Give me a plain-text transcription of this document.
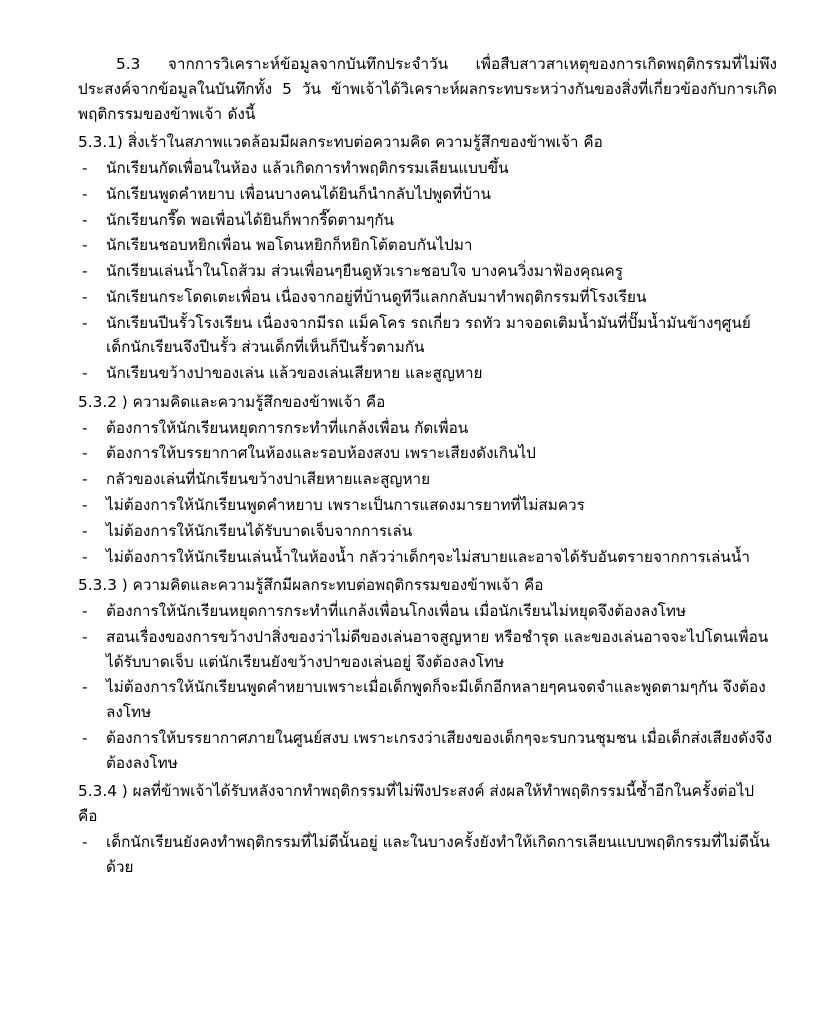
5.3 จากการวิเคราะห์ข้อมูลจากบันทึกประจำวัน เพื่อสืบสาวสาเหตุของการเกิดพฤติกรรมที่ไม่พึงประสงค์จากข้อมูลในบันทึกทั้ง 5 วัน ข้าพเจ้าได้วิเคราะห์ผลกระทบระหว่างกันของสิ่งที่เกี่ยวข้องกับการเกิดพฤติกรรมของข้าพเจ้า ดังนี้

5.3.1) สิ่งเร้าในสภาพแวดล้อมมีผลกระทบต่อความคิด ความรู้สึกของข้าพเจ้า คือ

-	นักเรียนกัดเพื่อนในห้อง แล้วเกิดการทำพฤติกรรมเลียนแบบขึ้น
-	นักเรียนพูดคำหยาบ เพื่อนบางคนได้ยินก็นำกลับไปพูดที่บ้าน
-	นักเรียนกรี๊ด พอเพื่อนได้ยินก็พากรี๊ดตามๆกัน
-	นักเรียนชอบหยิกเพื่อน พอโดนหยิกก็หยิกโต้ตอบกันไปมา
-	นักเรียนเล่นน้ำในโถส้วม ส่วนเพื่อนๆยืนดูหัวเราะชอบใจ บางคนวิ่งมาฟ้องคุณครู
-	นักเรียนกระโดดเตะเพื่อน เนื่องจากอยู่ที่บ้านดูทีวีแลกกลับมาทำพฤติกรรมที่โรงเรียน
-	นักเรียนปีนรั้วโรงเรียน เนื่องจากมีรถ แม็คโคร รถเกี่ยว รถทัว มาจอดเติมน้ำมันที่ปั๊มน้ำมันข้างๆศูนย์ เด็กนักเรียนจึงปีนรั้ว ส่วนเด็กที่เห็นก็ปีนรั้วตามกัน
-	นักเรียนขว้างปาของเล่น แล้วของเล่นเสียหาย และสูญหาย

5.3.2 ) ความคิดและความรู้สึกของข้าพเจ้า คือ

-	ต้องการให้นักเรียนหยุดการกระทำที่แกล้งเพื่อน กัดเพื่อน
-	ต้องการให้บรรยากาศในห้องและรอบห้องสงบ เพราะเสียงดังเกินไป
-	กลัวของเล่นที่นักเรียนขว้างปาเสียหายและสูญหาย
-	ไม่ต้องการให้นักเรียนพูดคำหยาบ เพราะเป็นการแสดงมารยาทที่ไม่สมควร
-	ไม่ต้องการให้นักเรียนได้รับบาดเจ็บจากการเล่น
-	ไม่ต้องการให้นักเรียนเล่นน้ำในห้องน้ำ กลัวว่าเด็กๆจะไม่สบายและอาจได้รับอันตรายจากการเล่นน้ำ

5.3.3 ) ความคิดและความรู้สึกมีผลกระทบต่อพฤติกรรมของข้าพเจ้า คือ

-	ต้องการให้นักเรียนหยุดการกระทำที่แกล้งเพื่อนโกงเพื่อน เมื่อนักเรียนไม่หยุดจึงต้องลงโทษ
-	สอนเรื่องของการขว้างปาสิ่งของว่าไม่ดีของเล่นอาจสูญหาย หรือชำรุด และของเล่นอาจจะไปโดนเพื่อนได้รับบาดเจ็บ แต่นักเรียนยังขว้างปาของเล่นอยู่ จึงต้องลงโทษ
-	ไม่ต้องการให้นักเรียนพูดคำหยาบเพราะเมื่อเด็กพูดก็จะมีเด็กอีกหลายๆคนจดจำและพูดตามๆกัน จึงต้องลงโทษ
-	ต้องการให้บรรยากาศภายในศูนย์สงบ เพราะเกรงว่าเสียงของเด็กๆจะรบกวนชุมชน เมื่อเด็กส่งเสียงดังจึงต้องลงโทษ

5.3.4 ) ผลที่ข้าพเจ้าได้รับหลังจากทำพฤติกรรมที่ไม่พึงประสงค์ ส่งผลให้ทำพฤติกรรมนี้ซ้ำอีกในครั้งต่อไป คือ

-	เด็กนักเรียนยังคงทำพฤติกรรมที่ไม่ดีนั้นอยู่ และในบางครั้งยังทำให้เกิดการเลียนแบบพฤติกรรมที่ไม่ดีนั้นด้วย
